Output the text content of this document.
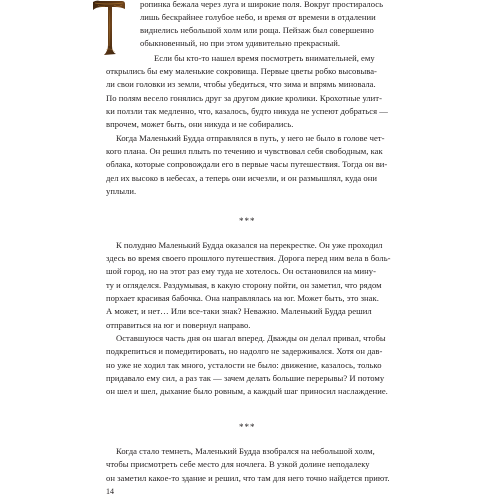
ропинка бежала через луга и широкие поля. Вокруг простиралось
лишь бескрайнее голубое небо, и время от времени в отдалении
виднелись небольшой холм или роща. Пейзаж был совершенно
обыкновенный, но при этом удивительно прекрасный.
Если бы кто-то нашел время посмотреть внимательней, ему
открылись бы ему маленькие сокровища. Первые цветы робко высовыва-
ли свои головки из земли, чтобы убедиться, что зима и впрямь миновала.
По полям весело гонялись друг за другом дикие кролики. Крохотные улит-
ки ползли так медленно, что, казалось, будто никуда не успеют добраться —
впрочем, может быть, они никуда и не собирались.
Когда Маленький Будда отправлялся в путь, у него не было в голове чет-
кого плана. Он решил плыть по течению и чувствовал себя свободным, как
облака, которые сопровождали его в первые часы путешествия. Тогда он ви-
дел их высоко в небесах, а теперь они исчезли, и он размышлял, куда они
уплыли.
***
К полудню Маленький Будда оказался на перекрестке. Он уже проходил
здесь во время своего прошлого путешествия. Дорога перед ним вела в боль-
шой город, но на этот раз ему туда не хотелось. Он остановился на мину-
ту и огляделся. Раздумывая, в какую сторону пойти, он заметил, что рядом
порхает красивая бабочка. Она направлялась на юг. Может быть, это знак.
А может, и нет… Или все-таки знак? Неважно. Маленький Будда решил
отправиться на юг и повернул направо.
Оставшуюся часть дня он шагал вперед. Дважды он делал привал, чтобы
подкрепиться и помедитировать, но надолго не задерживался. Хотя он дав-
но уже не ходил так много, усталости не было: движение, казалось, только
придавало ему сил, а раз так — зачем делать большие перерывы? И потому
он шел и шел, дыхание было ровным, а каждый шаг приносил наслаждение.
***
Когда стало темнеть, Маленький Будда взобрался на небольшой холм,
чтобы присмотреть себе место для ночлега. В узкой долине неподалеку
он заметил какое-то здание и решил, что там для него точно найдется приют.
14
